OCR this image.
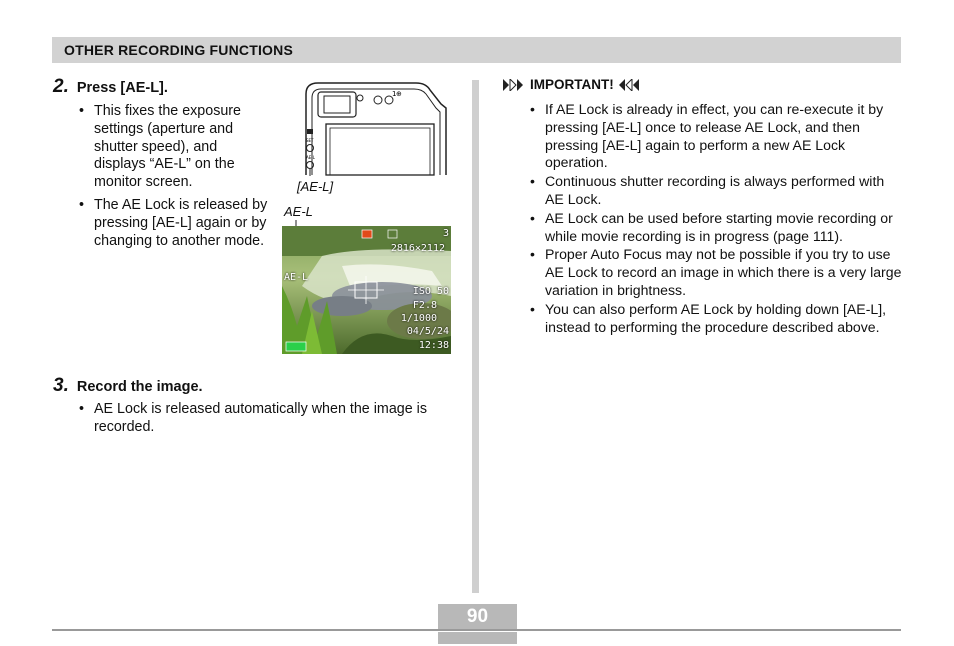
OTHER RECORDING FUNCTIONS
2. Press [AE-L].
• This fixes the exposure settings (aperture and shutter speed), and displays “AE-L” on the monitor screen.
• The AE Lock is released by pressing [AE-L] again or by changing to another mode.
1 ⊕
SET
AE-L
[AE-L]
AE-L
3
2816×2112
AE-L
ISO 50
F2.8
1/1000
04/5/24
12:38
3. Record the image.
• AE Lock is released automatically when the image is recorded.
IMPORTANT!
• If AE Lock is already in effect, you can re-execute it by pressing [AE-L] once to release AE Lock, and then pressing [AE-L] again to perform a new AE Lock operation.
• Continuous shutter recording is always performed with AE Lock.
• AE Lock can be used before starting movie recording or while movie recording is in progress (page 111).
• Proper Auto Focus may not be possible if you try to use AE Lock to record an image in which there is a very large variation in brightness.
• You can also perform AE Lock by holding down [AE-L], instead to performing the procedure described above.
90
